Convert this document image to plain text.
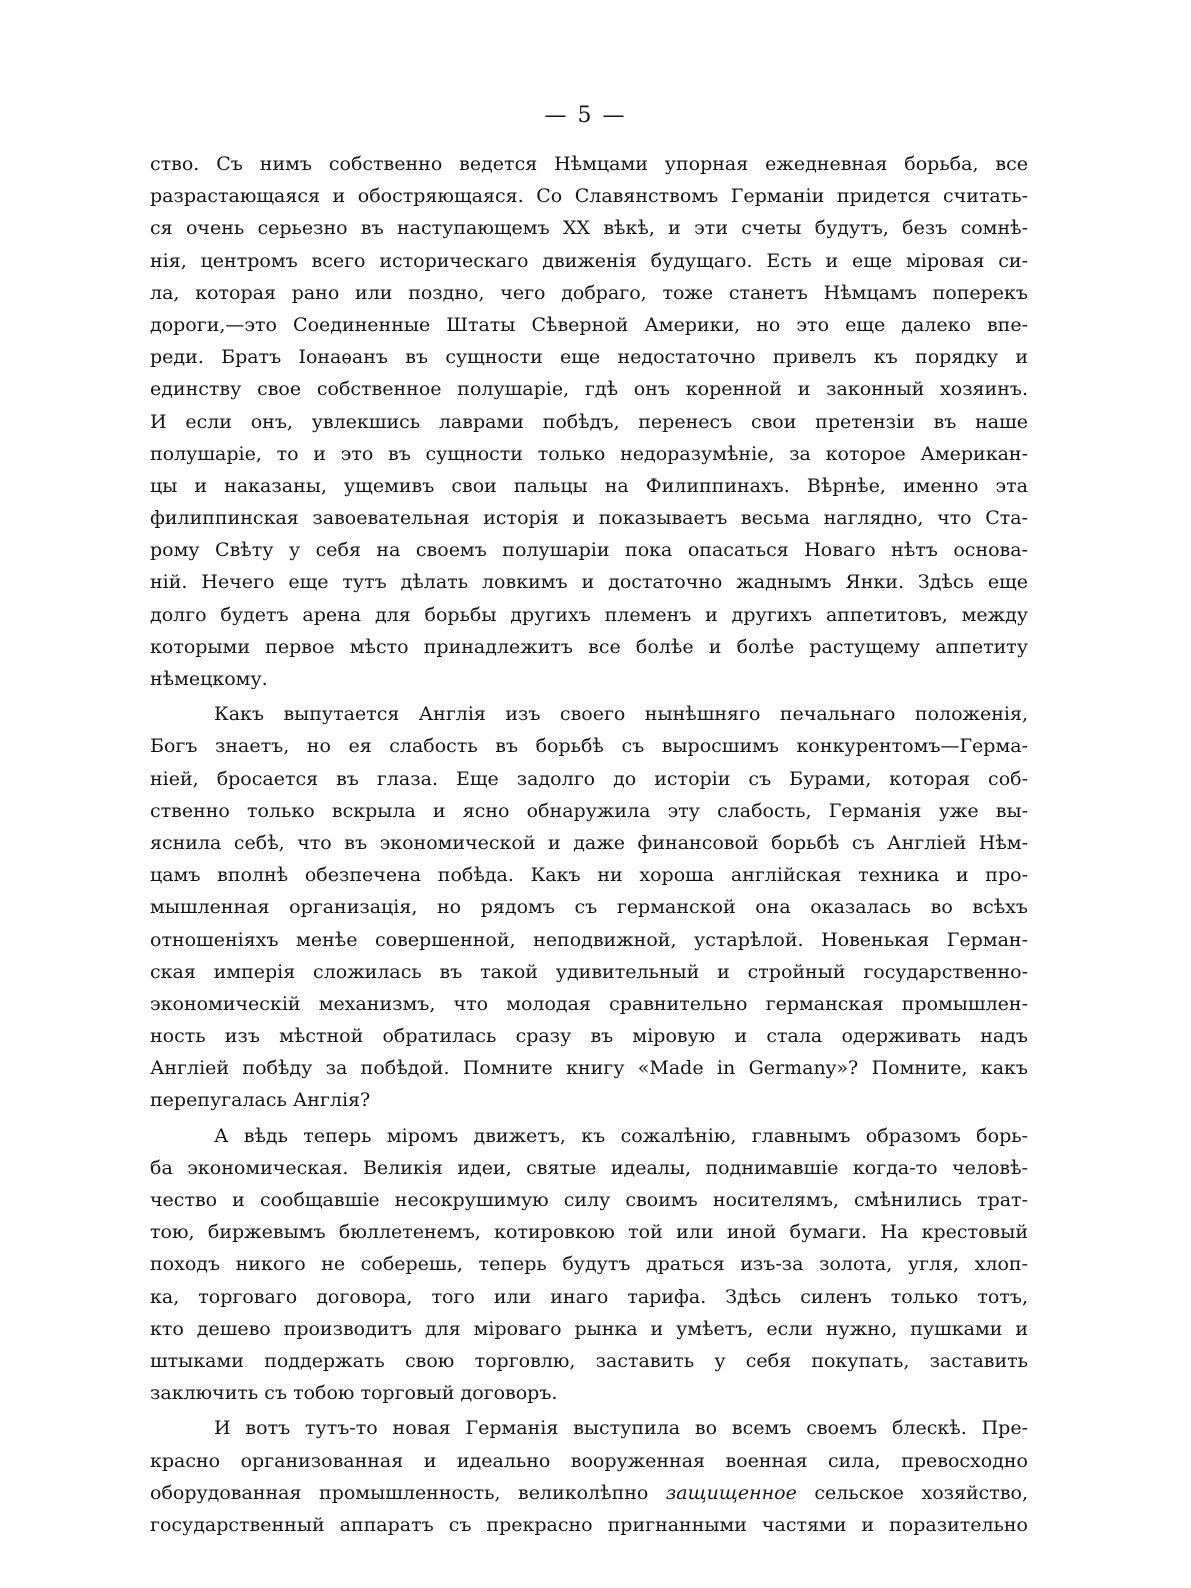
— 5 —
ство. Съ нимъ собственно ведется Нѣмцами упорная ежедневная борьба, все
разрастающаяся и обостряющаяся. Со Славянствомъ Германіи придется считать-
ся очень серьезно въ наступающемъ XX вѣкѣ, и эти счеты будутъ, безъ сомнѣ-
нія, центромъ всего историческаго движенія будущаго. Есть и еще міровая си-
ла, которая рано или поздно, чего добраго, тоже станетъ Нѣмцамъ поперекъ
дороги,—это Соединенные Штаты Сѣверной Америки, но это еще далеко впе-
реди. Братъ Іонаѳанъ въ сущности еще недостаточно привелъ къ порядку и
единству свое собственное полушаріе, гдѣ онъ коренной и законный хозяинъ.
И если онъ, увлекшись лаврами побѣдъ, перенесъ свои претензіи въ наше
полушаріе, то и это въ сущности только недоразумѣніе, за которое Американ-
цы и наказаны, ущемивъ свои пальцы на Филиппинахъ. Вѣрнѣе, именно эта
филиппинская завоевательная исторія и показываетъ весьма наглядно, что Ста-
рому Свѣту у себя на своемъ полушаріи пока опасаться Новаго нѣтъ основа-
ній. Нечего еще тутъ дѣлать ловкимъ и достаточно жаднымъ Янки. Здѣсь еще
долго будетъ арена для борьбы другихъ племенъ и другихъ аппетитовъ, между
которыми первое мѣсто принадлежитъ все болѣе и болѣе растущему аппетиту
нѣмецкому.
Какъ выпутается Англія изъ своего нынѣшняго печальнаго положенія,
Богъ знаетъ, но ея слабость въ борьбѣ съ выросшимъ конкурентомъ—Герма-
ніей, бросается въ глаза. Еще задолго до исторіи съ Бурами, которая соб-
ственно только вскрыла и ясно обнаружила эту слабость, Германія уже вы-
яснила себѣ, что въ экономической и даже финансовой борьбѣ съ Англіей Нѣм-
цамъ вполнѣ обезпечена побѣда. Какъ ни хороша англійская техника и про-
мышленная организація, но рядомъ съ германской она оказалась во всѣхъ
отношеніяхъ менѣе совершенной, неподвижной, устарѣлой. Новенькая Герман-
ская имперія сложилась въ такой удивительный и стройный государственно-
экономическій механизмъ, что молодая сравнительно германская промышлен-
ность изъ мѣстной обратилась сразу въ міровую и стала одерживать надъ
Англіей побѣду за побѣдой. Помните книгу «Made in Germany»? Помните, какъ
перепугалась Англія?
А вѣдь теперь міромъ движетъ, къ сожалѣнію, главнымъ образомъ борь-
ба экономическая. Великія идеи, святые идеалы, поднимавшіе когда-то человѣ-
чество и сообщавшіе несокрушимую силу своимъ носителямъ, смѣнились трат-
тою, биржевымъ бюллетенемъ, котировкою той или иной бумаги. На крестовый
походъ никого не соберешь, теперь будутъ драться изъ-за золота, угля, хлоп-
ка, торговаго договора, того или инаго тарифа. Здѣсь силенъ только тотъ,
кто дешево производитъ для міроваго рынка и умѣетъ, если нужно, пушками и
штыками поддержать свою торговлю, заставить у себя покупать, заставить
заключить съ тобою торговый договоръ.
И вотъ тутъ-то новая Германія выступила во всемъ своемъ блескѣ. Пре-
красно организованная и идеально вооруженная военная сила, превосходно
оборудованная промышленность, великолѣпно защищенное сельское хозяйство,
государственный аппаратъ съ прекрасно пригнанными частями и поразительно
